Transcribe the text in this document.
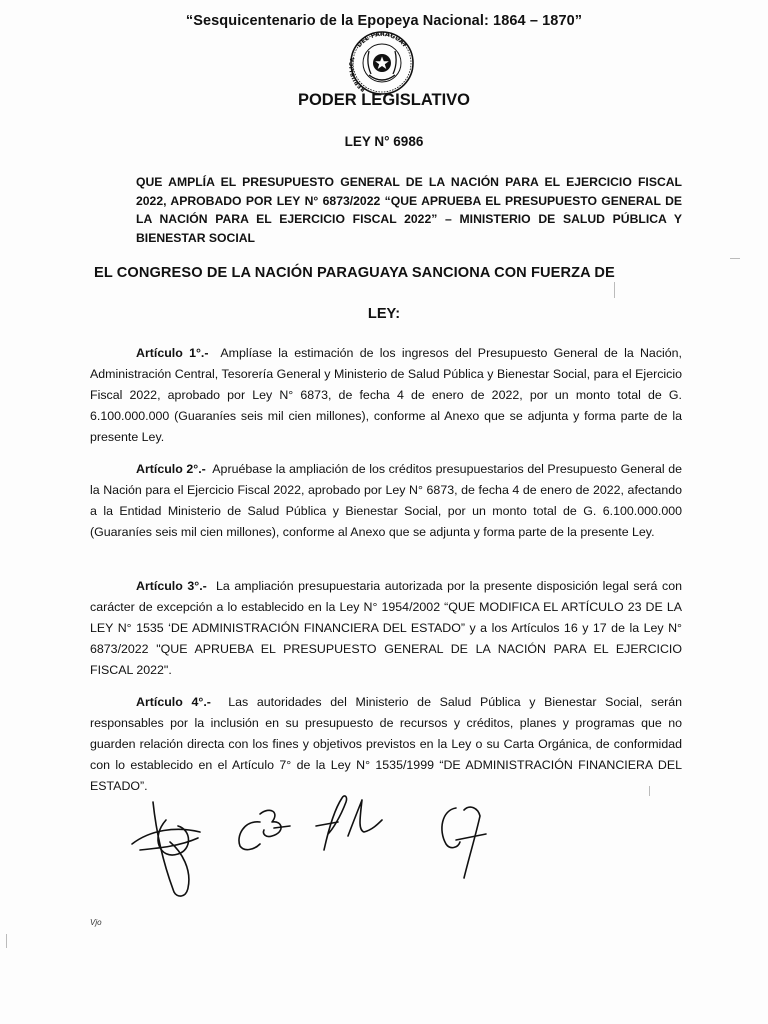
“Sesquicentenario de la Epopeya Nacional: 1864 – 1870”
DEL PARAGUAY
REPUBLICA
PODER LEGISLATIVO
LEY N° 6986
QUE AMPLÍA EL PRESUPUESTO GENERAL DE LA NACIÓN PARA EL EJERCICIO FISCAL 2022, APROBADO POR LEY N° 6873/2022 “QUE APRUEBA EL PRESUPUESTO GENERAL DE LA NACIÓN PARA EL EJERCICIO FISCAL 2022” – MINISTERIO DE SALUD PÚBLICA Y BIENESTAR SOCIAL
EL CONGRESO DE LA NACIÓN PARAGUAYA SANCIONA CON FUERZA DE
LEY:
Artículo 1°.- Amplíase la estimación de los ingresos del Presupuesto General de la Nación, Administración Central, Tesorería General y Ministerio de Salud Pública y Bienestar Social, para el Ejercicio Fiscal 2022, aprobado por Ley N° 6873, de fecha 4 de enero de 2022, por un monto total de G. 6.100.000.000 (Guaraníes seis mil cien millones), conforme al Anexo que se adjunta y forma parte de la presente Ley.
Artículo 2°.- Apruébase la ampliación de los créditos presupuestarios del Presupuesto General de la Nación para el Ejercicio Fiscal 2022, aprobado por Ley N° 6873, de fecha 4 de enero de 2022, afectando a la Entidad Ministerio de Salud Pública y Bienestar Social, por un monto total de G. 6.100.000.000 (Guaraníes seis mil cien millones), conforme al Anexo que se adjunta y forma parte de la presente Ley.
Artículo 3°.- La ampliación presupuestaria autorizada por la presente disposición legal será con carácter de excepción a lo establecido en la Ley N° 1954/2002 “QUE MODIFICA EL ARTÍCULO 23 DE LA LEY N° 1535 ‘DE ADMINISTRACIÓN FINANCIERA DEL ESTADO” y a los Artículos 16 y 17 de la Ley N° 6873/2022 "QUE APRUEBA EL PRESUPUESTO GENERAL DE LA NACIÓN PARA EL EJERCICIO FISCAL 2022".
Artículo 4°.- Las autoridades del Ministerio de Salud Pública y Bienestar Social, serán responsables por la inclusión en su presupuesto de recursos y créditos, planes y programas que no guarden relación directa con los fines y objetivos previstos en la Ley o su Carta Orgánica, de conformidad con lo establecido en el Artículo 7° de la Ley N° 1535/1999 “DE ADMINISTRACIÓN FINANCIERA DEL ESTADO”.
Vjo
